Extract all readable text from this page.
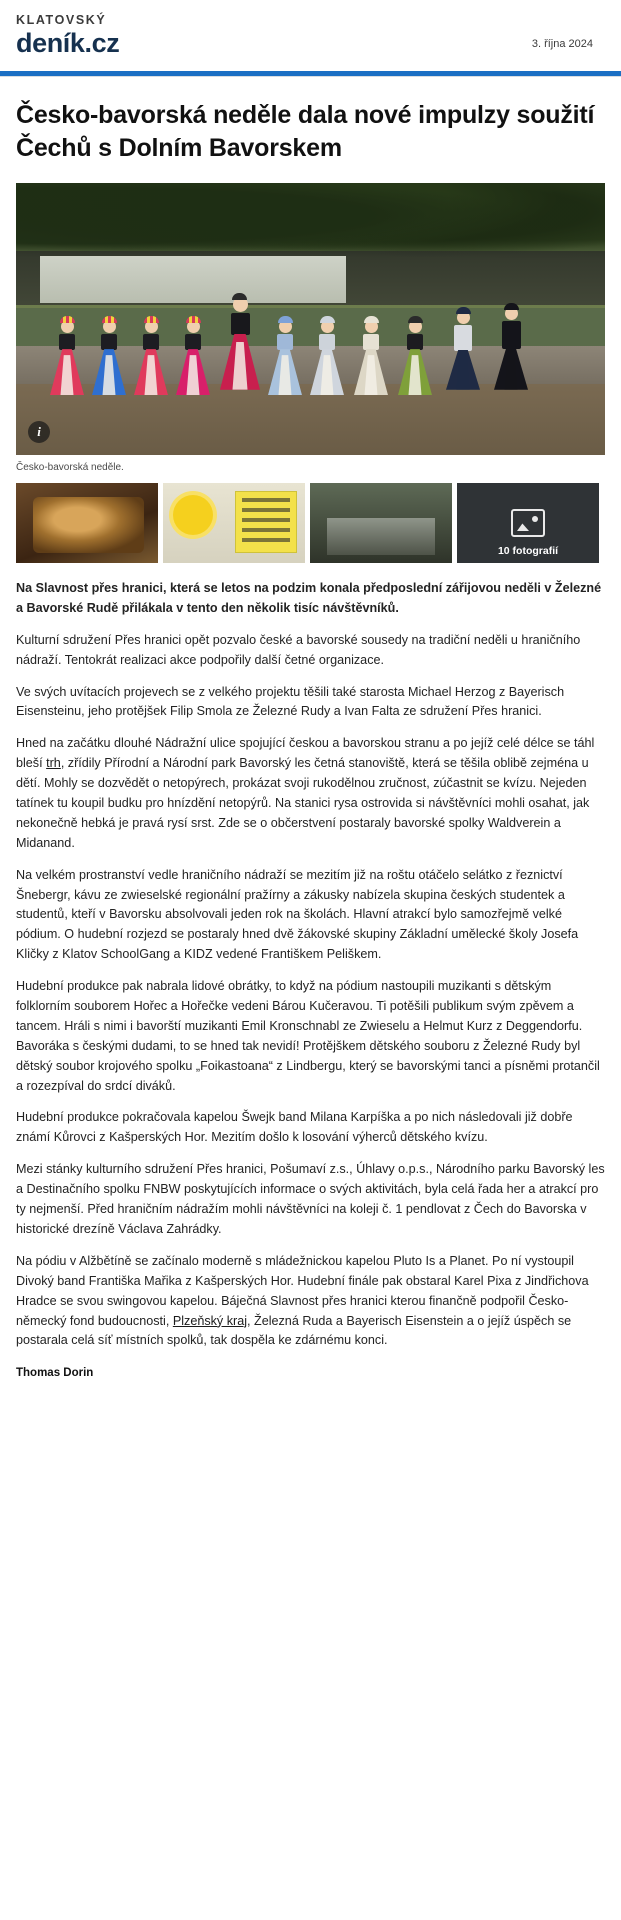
KLATOVSKÝ
deník.cz	3. října 2024
Česko-bavorská neděle dala nové impulzy soužití Čechů s Dolním Bavorskem
i
Česko-bavorská neděle.
10 fotografií

Na Slavnost přes hranici, která se letos na podzim konala předposlední zářijovou neděli v Železné a Bavorské Rudě přilákala v tento den několik tisíc návštěvníků.

Kulturní sdružení Přes hranici opět pozvalo české a bavorské sousedy na tradiční neděli u hraničního nádraží. Tentokrát realizaci akce podpořily další četné organizace.

Ve svých uvítacích projevech se z velkého projektu těšili také starosta Michael Herzog z Bayerisch Eisensteinu, jeho protějšek Filip Smola ze Železné Rudy a Ivan Falta ze sdružení Přes hranici.

Hned na začátku dlouhé Nádražní ulice spojující českou a bavorskou stranu a po jejíž celé délce se táhl bleší trh, zřídily Přírodní a Národní park Bavorský les četná stanoviště, která se těšila oblibě zejména u dětí. Mohly se dozvědět o netopýrech, prokázat svoji rukodělnou zručnost, zúčastnit se kvízu. Nejeden tatínek tu koupil budku pro hnízdění netopýrů. Na stanici rysa ostrovida si návštěvníci mohli osahat, jak nekonečně hebká je pravá rysí srst. Zde se o občerstvení postaraly bavorské spolky Waldverein a Midanand.

Na velkém prostranství vedle hraničního nádraží se mezitím již na roštu otáčelo selátko z řeznictví Šnebergr, kávu ze zwieselské regionální pražírny a zákusky nabízela skupina českých studentek a studentů, kteří v Bavorsku absolvovali jeden rok na školách. Hlavní atrakcí bylo samozřejmě velké pódium. O hudební rozjezd se postaraly hned dvě žákovské skupiny Základní umělecké školy Josefa Kličky z Klatov SchoolGang a KIDZ vedené Františkem Peliškem.

Hudební produkce pak nabrala lidové obrátky, to když na pódium nastoupili muzikanti s dětským folklorním souborem Hořec a Hořečke vedeni Bárou Kučeravou. Ti potěšili publikum svým zpěvem a tancem. Hráli s nimi i bavorští muzikanti Emil Kronschnabl ze Zwieselu a Helmut Kurz z Deggendorfu. Bavoráka s českými dudami, to se hned tak nevidí! Protějškem dětského souboru z Železné Rudy byl dětský soubor krojového spolku „Foikastoana“ z Lindbergu, který se bavorskými tanci a písněmi protančil a rozezpíval do srdcí diváků.

Hudební produkce pokračovala kapelou Šwejk band Milana Karpíška a po nich následovali již dobře známí Kůrovci z Kašperských Hor. Mezitím došlo k losování výherců dětského kvízu.

Mezi stánky kulturního sdružení Přes hranici, Pošumaví z.s., Úhlavy o.p.s., Národního parku Bavorský les a Destinačního spolku FNBW poskytujících informace o svých aktivitách, byla celá řada her a atrakcí pro ty nejmenší. Před hraničním nádražím mohli návštěvníci na koleji č. 1 pendlovat z Čech do Bavorska v historické drezíně Václava Zahrádky.

Na pódiu v Alžbětíně se začínalo moderně s mládežnickou kapelou Pluto Is a Planet. Po ní vystoupil Divoký band Františka Mařika z Kašperských Hor. Hudební finále pak obstaral Karel Pixa z Jindřichova Hradce se svou swingovou kapelou. Báječná Slavnost přes hranici kterou finančně podpořil Česko-německý fond budoucnosti, Plzeňský kraj, Železná Ruda a Bayerisch Eisenstein a o jejíž úspěch se postarala celá síť místních spolků, tak dospěla ke zdárnému konci.

Thomas Dorin
